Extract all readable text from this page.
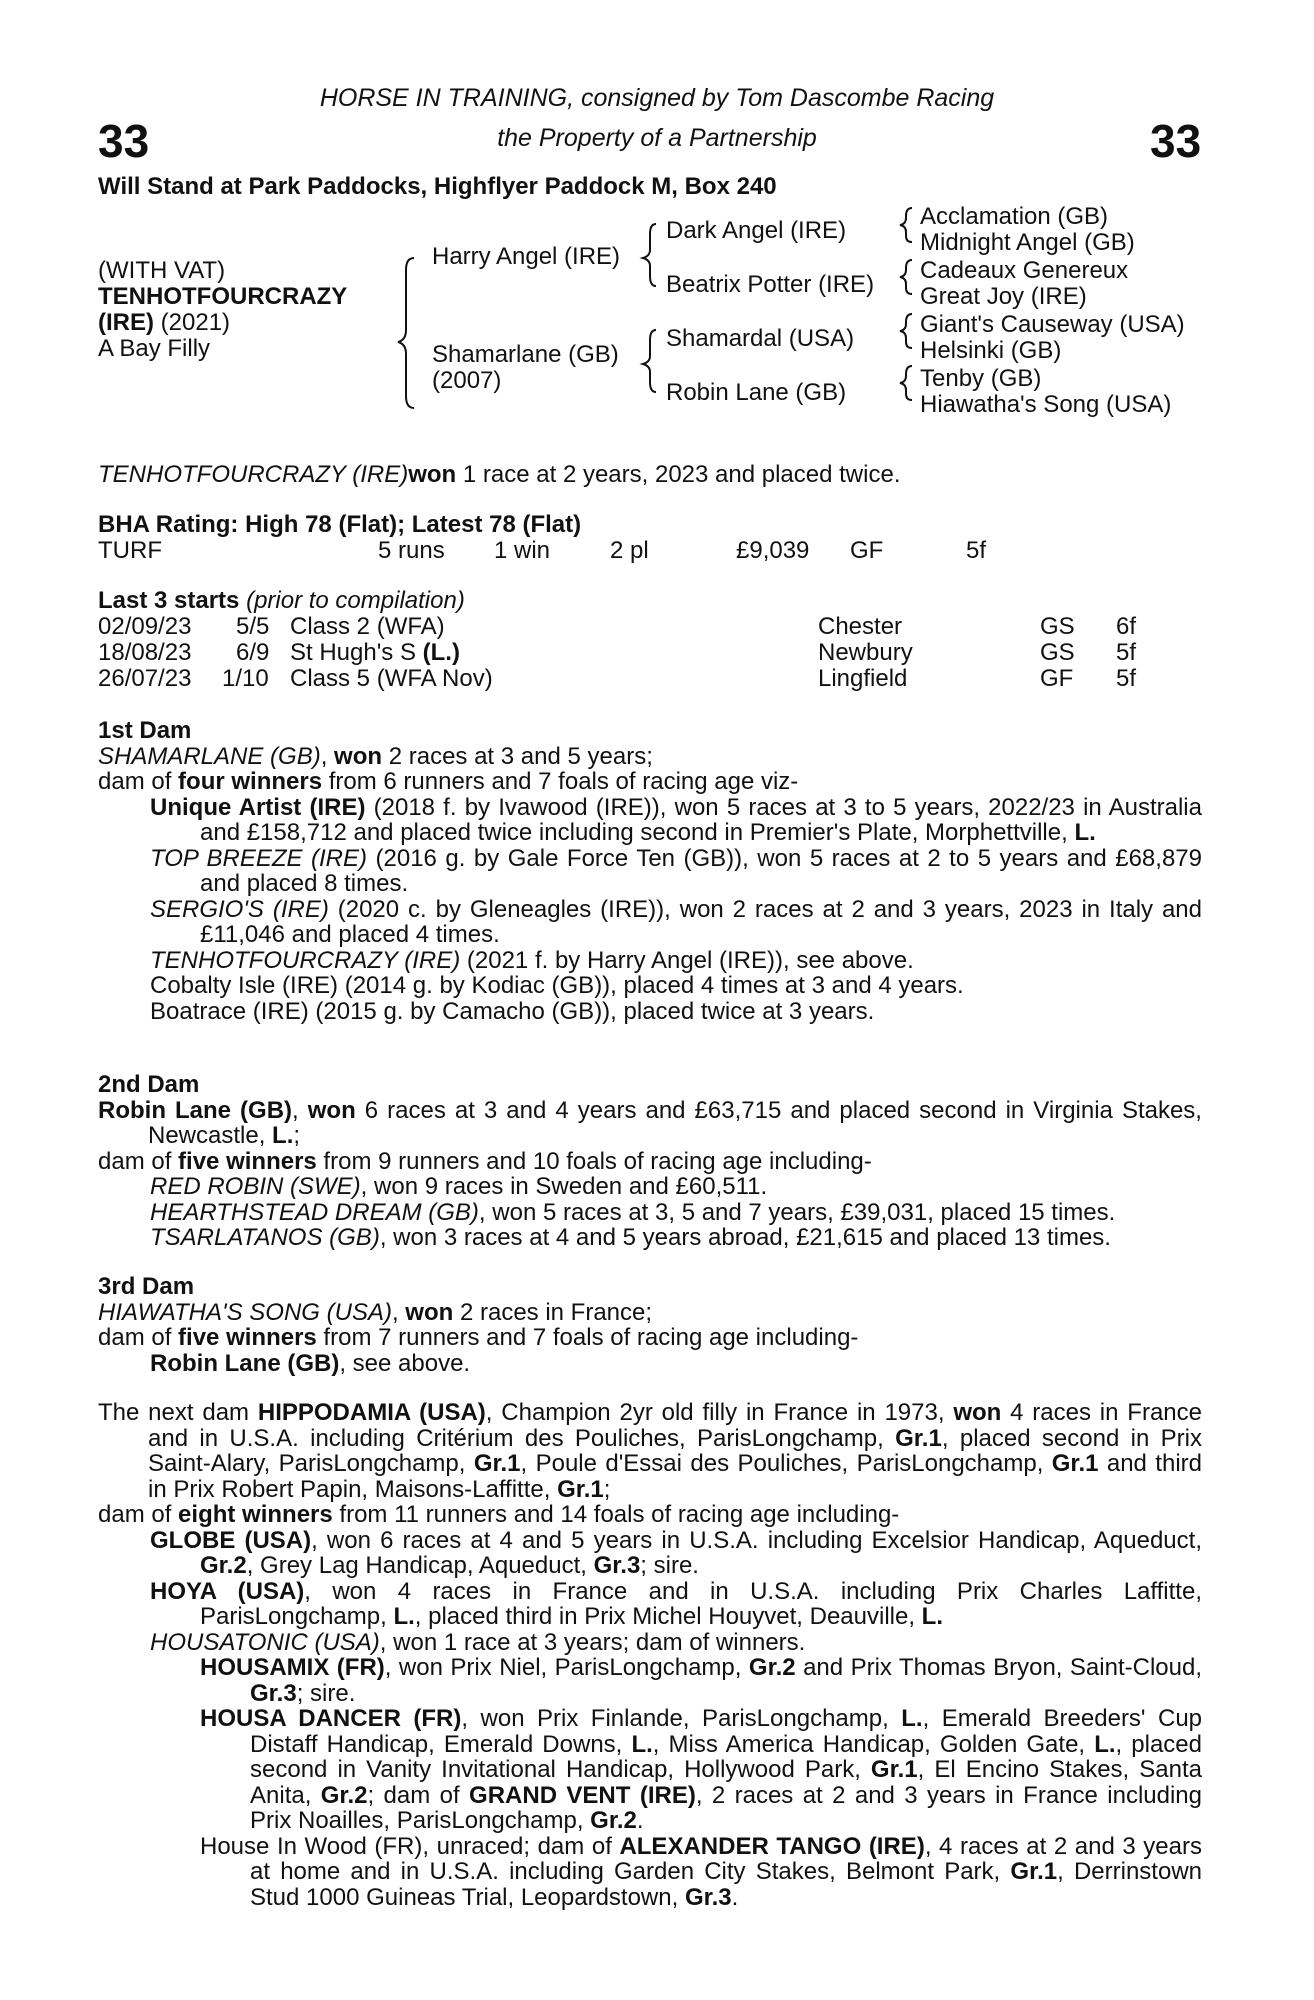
33	33
HORSE IN TRAINING, consigned by Tom Dascombe Racing
the Property of a Partnership
Will Stand at Park Paddocks, Highflyer Paddock M, Box 240
(WITH VAT)
TENHOTFOURCRAZY
(IRE) (2021)
A Bay Filly
Harry Angel (IRE)
Shamarlane (GB)
(2007)
Dark Angel (IRE)
Beatrix Potter (IRE)
Shamardal (USA)
Robin Lane (GB)
Acclamation (GB)
Midnight Angel (GB)
Cadeaux Genereux
Great Joy (IRE)
Giant's Causeway (USA)
Helsinki (GB)
Tenby (GB)
Hiawatha's Song (USA)
TENHOTFOURCRAZY (IRE)won 1 race at 2 years, 2023 and placed twice.
BHA Rating: High 78 (Flat); Latest 78 (Flat)
TURF	5 runs 1 win 2 pl	£9,039 GF	5f
Last 3 starts (prior to compilation)
02/09/23 5/5 Class 2 (WFA)	Chester	GS 6f
18/08/23 6/9 St Hugh's S (L.)	Newbury	GS 5f
26/07/23 1/10 Class 5 (WFA Nov)	Lingfield	GF 5f
1st Dam
SHAMARLANE (GB), won 2 races at 3 and 5 years;
dam of four winners from 6 runners and 7 foals of racing age viz-
Unique Artist (IRE) (2018 f. by Ivawood (IRE)), won 5 races at 3 to 5 years, 2022/23 in Australia and £158,712 and placed twice including second in Premier's Plate, Morphettville, L.
TOP BREEZE (IRE) (2016 g. by Gale Force Ten (GB)), won 5 races at 2 to 5 years and £68,879 and placed 8 times.
SERGIO'S (IRE) (2020 c. by Gleneagles (IRE)), won 2 races at 2 and 3 years, 2023 in Italy and £11,046 and placed 4 times.
TENHOTFOURCRAZY (IRE) (2021 f. by Harry Angel (IRE)), see above.
Cobalty Isle (IRE) (2014 g. by Kodiac (GB)), placed 4 times at 3 and 4 years.
Boatrace (IRE) (2015 g. by Camacho (GB)), placed twice at 3 years.
2nd Dam
Robin Lane (GB), won 6 races at 3 and 4 years and £63,715 and placed second in Virginia Stakes, Newcastle, L.;
dam of five winners from 9 runners and 10 foals of racing age including-
RED ROBIN (SWE), won 9 races in Sweden and £60,511.
HEARTHSTEAD DREAM (GB), won 5 races at 3, 5 and 7 years, £39,031, placed 15 times.
TSARLATANOS (GB), won 3 races at 4 and 5 years abroad, £21,615 and placed 13 times.
3rd Dam
HIAWATHA'S SONG (USA), won 2 races in France;
dam of five winners from 7 runners and 7 foals of racing age including-
Robin Lane (GB), see above.
The next dam HIPPODAMIA (USA), Champion 2yr old filly in France in 1973, won 4 races in France and in U.S.A. including Critérium des Pouliches, ParisLongchamp, Gr.1, placed second in Prix Saint-Alary, ParisLongchamp, Gr.1, Poule d'Essai des Pouliches, ParisLongchamp, Gr.1 and third in Prix Robert Papin, Maisons-Laffitte, Gr.1;
dam of eight winners from 11 runners and 14 foals of racing age including-
GLOBE (USA), won 6 races at 4 and 5 years in U.S.A. including Excelsior Handicap, Aqueduct, Gr.2, Grey Lag Handicap, Aqueduct, Gr.3; sire.
HOYA (USA), won 4 races in France and in U.S.A. including Prix Charles Laffitte, ParisLongchamp, L., placed third in Prix Michel Houyvet, Deauville, L.
HOUSATONIC (USA), won 1 race at 3 years; dam of winners.
HOUSAMIX (FR), won Prix Niel, ParisLongchamp, Gr.2 and Prix Thomas Bryon, Saint-Cloud, Gr.3; sire.
HOUSA DANCER (FR), won Prix Finlande, ParisLongchamp, L., Emerald Breeders' Cup Distaff Handicap, Emerald Downs, L., Miss America Handicap, Golden Gate, L., placed second in Vanity Invitational Handicap, Hollywood Park, Gr.1, El Encino Stakes, Santa Anita, Gr.2; dam of GRAND VENT (IRE), 2 races at 2 and 3 years in France including Prix Noailles, ParisLongchamp, Gr.2.
House In Wood (FR), unraced; dam of ALEXANDER TANGO (IRE), 4 races at 2 and 3 years at home and in U.S.A. including Garden City Stakes, Belmont Park, Gr.1, Derrinstown Stud 1000 Guineas Trial, Leopardstown, Gr.3.
